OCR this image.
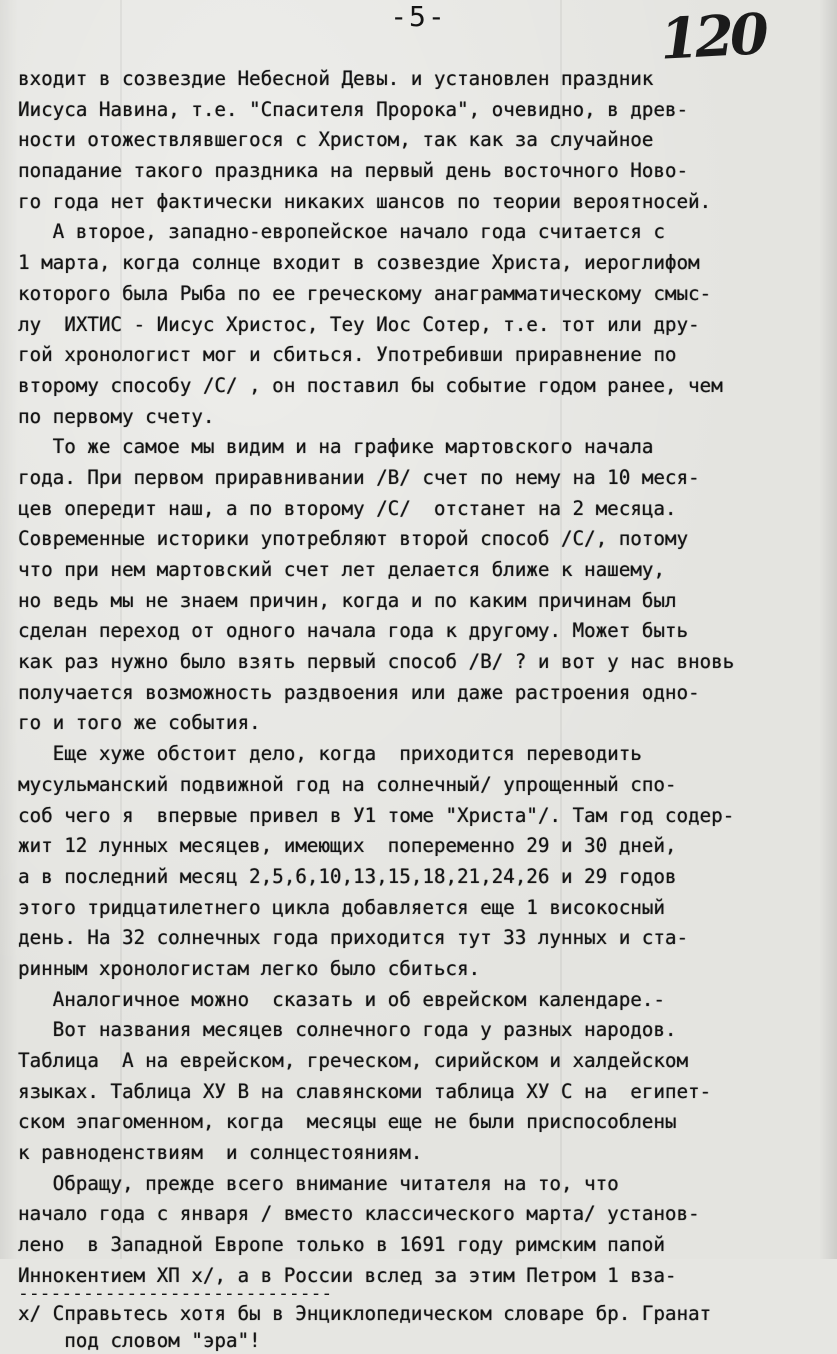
-5-	120
входит в созвездие Небесной Девы. и установлен праздник
Иисуса Навина, т.е. "Спасителя Пророка", очевидно, в древ-
ности отожествлявшегося с Христом, так как за случайное
попадание такого праздника на первый день восточного Ново-
го года нет фактически никаких шансов по теории вероятносей.
А второе, западно-европейское начало года считается с
1 марта, когда солнце входит в созвездие Христа, иероглифом
которого была Рыба по ее греческому анаграмматическому смыс-
лу  ИХТИС - Иисус Христос, Теу Иос Сотер, т.е. тот или дру-
гой хронологист мог и сбиться. Употребивши приравнение по
второму способу /С/ , он поставил бы событие годом ранее, чем
по первому счету.
То же самое мы видим и на графике мартовского начала
года. При первом приравнивании /В/ счет по нему на 10 меся-
цев опередит наш, а по второму /С/  отстанет на 2 месяца.
Современные историки употребляют второй способ /С/, потому
что при нем мартовский счет лет делается ближе к нашему,
но ведь мы не знаем причин, когда и по каким причинам был
сделан переход от одного начала года к другому. Может быть
как раз нужно было взять первый способ /В/ ? и вот у нас вновь
получается возможность раздвоения или даже растроения одно-
го и того же события.
Еще хуже обстоит дело, когда  приходится переводить
мусульманский подвижной год на солнечный/ упрощенный спо-
соб чего я  впервые привел в У1 томе "Христа"/. Там год содер-
жит 12 лунных месяцев, имеющих  попеременно 29 и 30 дней,
а в последний месяц 2,5,6,10,13,15,18,21,24,26 и 29 годов
этого тридцатилетнего цикла добавляется еще 1 високосный
день. На 32 солнечных года приходится тут 33 лунных и ста-
ринным хронологистам легко было сбиться.
Аналогичное можно  сказать и об еврейском календаре.-
Вот названия месяцев солнечного года у разных народов.
Таблица  А на еврейском, греческом, сирийском и халдейском
языках. Таблица ХУ В на славянскоми таблица ХУ С на  египет-
ском эпагоменном, когда  месяцы еще не были приспособлены
к равноденствиям  и солнцестояниям.
Обращу, прежде всего внимание читателя на то, что
начало года с января / вместо классического марта/ установ-
лено  в Западной Европе только в 1691 году римским папой
Иннокентием ХП х/, а в России вслед за этим Петром 1 вза-
-----------------------------
х/ Справьтесь хотя бы в Энциклопедическом словаре бр. Гранат
под словом "эра"!
